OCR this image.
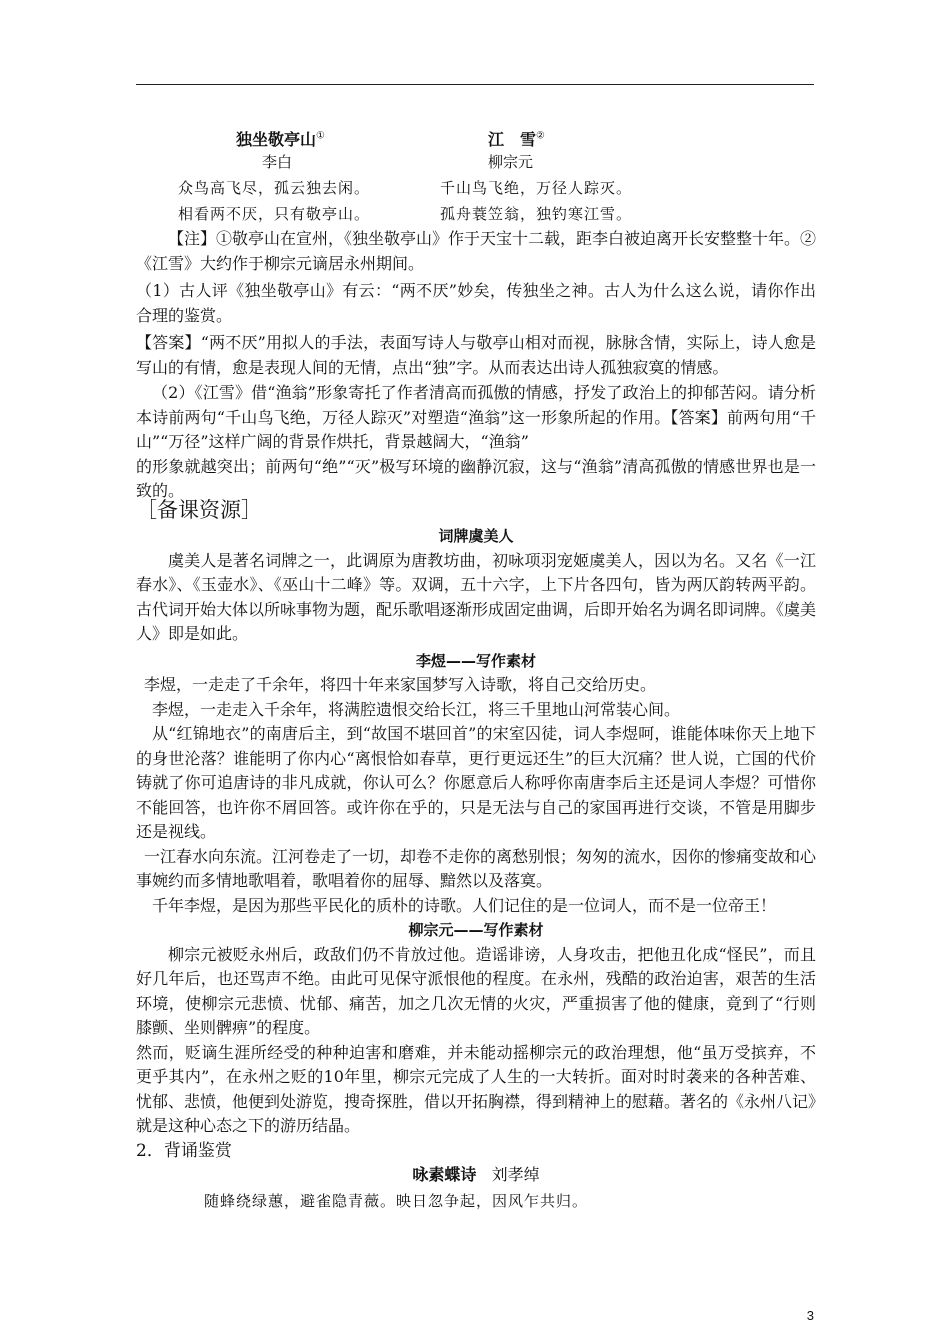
独坐敬亭山①
李白
众鸟高飞尽，孤云独去闲。
相看两不厌，只有敬亭山。
江　雪②
柳宗元
千山鸟飞绝，万径人踪灭。
孤舟蓑笠翁，独钓寒江雪。

【注】①敬亭山在宣州，《独坐敬亭山》作于天宝十二载，距李白被迫离开长安整整十年。②《江雪》大约作于柳宗元谪居永州期间。

（1）古人评《独坐敬亭山》有云：“两不厌”妙矣，传独坐之神。古人为什么这么说，请你作出合理的鉴赏。

【答案】“两不厌”用拟人的手法，表面写诗人与敬亭山相对而视，脉脉含情，实际上，诗人愈是写山的有情，愈是表现人间的无情，点出“独”字。从而表达出诗人孤独寂寞的情感。

（2）《江雪》借“渔翁”形象寄托了作者清高而孤傲的情感，抒发了政治上的抑郁苦闷。请分析本诗前两句“千山鸟飞绝，万径人踪灭”对塑造“渔翁”这一形象所起的作用。【答案】前两句用“千山”“万径”这样广阔的背景作烘托，背景越阔大，“渔翁”

的形象就越突出；前两句“绝”“灭”极写环境的幽静沉寂，这与“渔翁”清高孤傲的情感世界也是一致的。

［备课资源］

词牌虞美人

虞美人是著名词牌之一，此调原为唐教坊曲，初咏项羽宠姬虞美人，因以为名。又名《一江春水》、《玉壶水》、《巫山十二峰》等。双调，五十六字，上下片各四句，皆为两仄韵转两平韵。古代词开始大体以所咏事物为题，配乐歌唱逐渐形成固定曲调，后即开始名为调名即词牌。《虞美人》即是如此。

李煜——写作素材

李煜，一走走了千余年，将四十年来家国梦写入诗歌，将自己交给历史。

李煜，一走走入千余年，将满腔遗恨交给长江，将三千里地山河常装心间。

从“红锦地衣”的南唐后主，到“故国不堪回首”的宋室囚徒，词人李煜呵，谁能体味你天上地下的身世沦落？谁能明了你内心“离恨恰如春草，更行更远还生”的巨大沉痛？世人说，亡国的代价铸就了你可追唐诗的非凡成就，你认可么？你愿意后人称呼你南唐李后主还是词人李煜？可惜你不能回答，也许你不屑回答。或许你在乎的，只是无法与自己的家国再进行交谈，不管是用脚步还是视线。

一江春水向东流。江河卷走了一切，却卷不走你的离愁别恨；匆匆的流水，因你的惨痛变故和心事婉约而多情地歌唱着，歌唱着你的屈辱、黯然以及落寞。

千年李煜，是因为那些平民化的质朴的诗歌。人们记住的是一位词人，而不是一位帝王！

柳宗元——写作素材

柳宗元被贬永州后，政敌们仍不肯放过他。造谣诽谤，人身攻击，把他丑化成“怪民”，而且好几年后，也还骂声不绝。由此可见保守派恨他的程度。在永州，残酷的政治迫害，艰苦的生活环境，使柳宗元悲愤、忧郁、痛苦，加之几次无情的火灾，严重损害了他的健康，竟到了“行则膝颤、坐则髀痹”的程度。

然而，贬谪生涯所经受的种种迫害和磨难，并未能动摇柳宗元的政治理想，他“虽万受摈弃，不更乎其内”，在永州之贬的10年里，柳宗元完成了人生的一大转折。面对时时袭来的各种苦难、忧郁、悲愤，他便到处游览，搜奇探胜，借以开拓胸襟，得到精神上的慰藉。著名的《永州八记》就是这种心态之下的游历结晶。

2．背诵鉴赏

咏素蝶诗 刘孝绰

随蜂绕绿蕙，避雀隐青薇。映日忽争起，因风乍共归。

3
